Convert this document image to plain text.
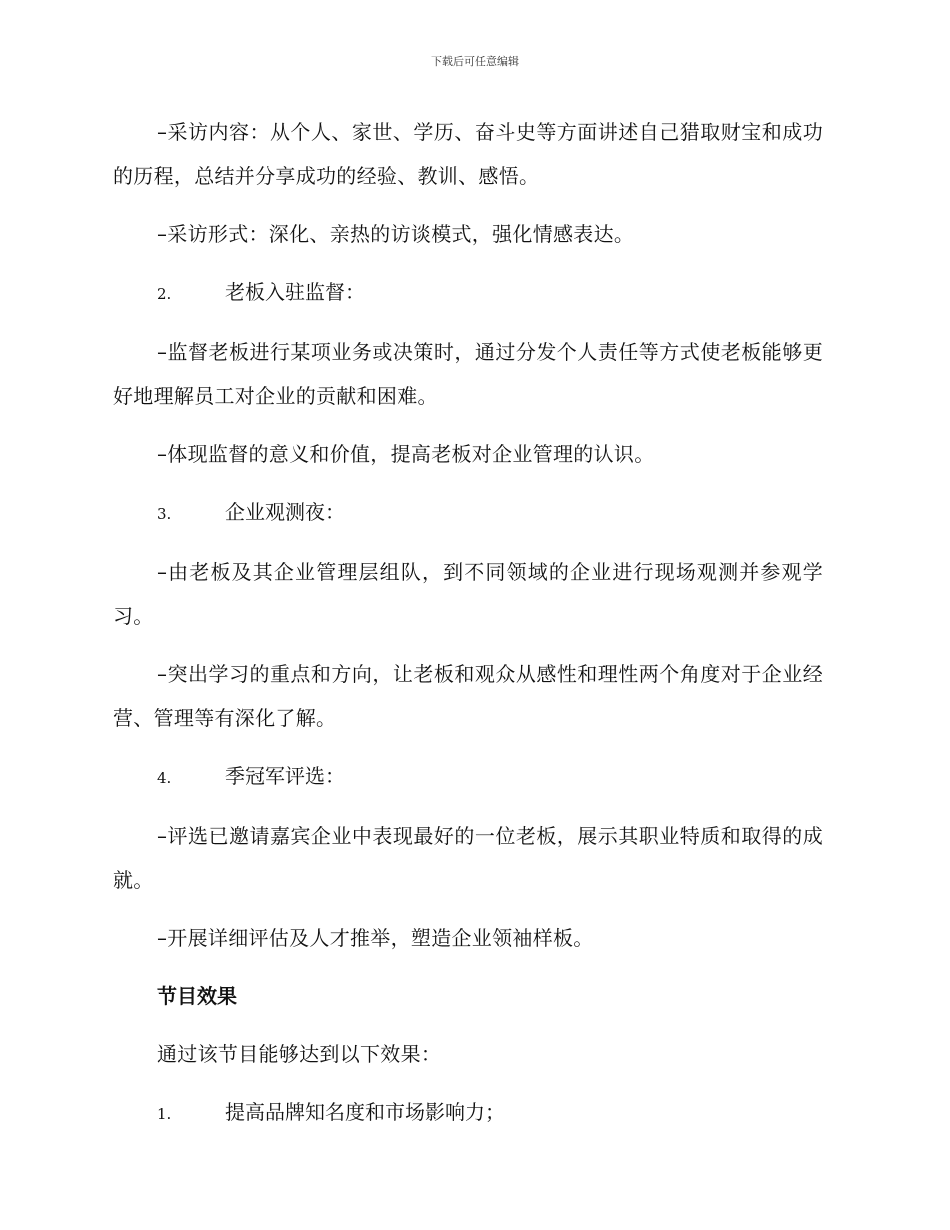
下载后可任意编辑

–采访内容：从个人、家世、学历、奋斗史等方面讲述自己猎取财宝和成功的历程，总结并分享成功的经验、教训、感悟。

–采访形式：深化、亲热的访谈模式，强化情感表达。

2.	老板入驻监督：

–监督老板进行某项业务或决策时，通过分发个人责任等方式使老板能够更好地理解员工对企业的贡献和困难。

–体现监督的意义和价值，提高老板对企业管理的认识。

3.	企业观测夜：

–由老板及其企业管理层组队，到不同领域的企业进行现场观测并参观学习。

–突出学习的重点和方向，让老板和观众从感性和理性两个角度对于企业经营、管理等有深化了解。

4.	季冠军评选：

–评选已邀请嘉宾企业中表现最好的一位老板，展示其职业特质和取得的成就。

–开展详细评估及人才推举，塑造企业领袖样板。

节目效果

通过该节目能够达到以下效果：

1.	提高品牌知名度和市场影响力；
